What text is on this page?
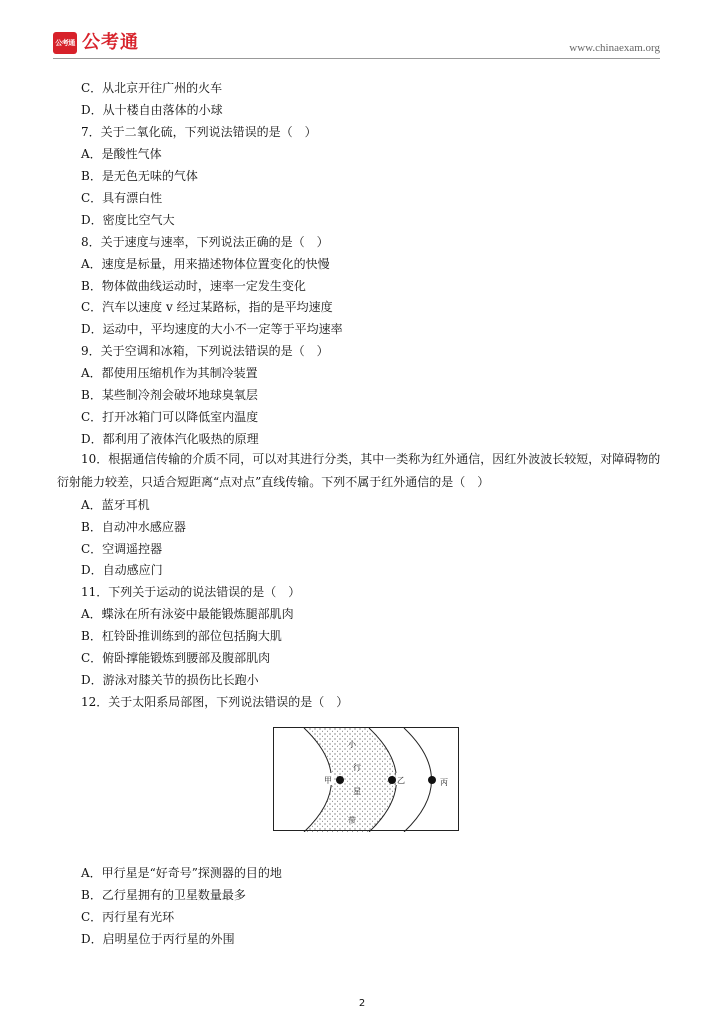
公考通 公考通	www.chinaexam.org
C．从北京开往广州的火车
D．从十楼自由落体的小球
7．关于二氧化硫，下列说法错误的是（　）
A．是酸性气体
B．是无色无味的气体
C．具有漂白性
D．密度比空气大
8．关于速度与速率，下列说法正确的是（　）
A．速度是标量，用来描述物体位置变化的快慢
B．物体做曲线运动时，速率一定发生变化
C．汽车以速度 v 经过某路标，指的是平均速度
D．运动中，平均速度的大小不一定等于平均速率
9．关于空调和冰箱，下列说法错误的是（　）
A．都使用压缩机作为其制冷装置
B．某些制冷剂会破坏地球臭氧层
C．打开冰箱门可以降低室内温度
D．都利用了液体汽化吸热的原理
10．根据通信传输的介质不同，可以对其进行分类，其中一类称为红外通信，因红外波波长较短，对障碍物的衍射能力较差，只适合短距离“点对点”直线传输。下列不属于红外通信的是（　）
A．蓝牙耳机
B．自动冲水感应器
C．空调遥控器
D．自动感应门
11．下列关于运动的说法错误的是（　）
A．蝶泳在所有泳姿中最能锻炼腿部肌肉
B．杠铃卧推训练到的部位包括胸大肌
C．俯卧撑能锻炼到腰部及腹部肌肉
D．游泳对膝关节的损伤比长跑小
12．关于太阳系局部图，下列说法错误的是（　）
甲	乙	丙
小
行
星
带
A．甲行星是“好奇号”探测器的目的地
B．乙行星拥有的卫星数量最多
C．丙行星有光环
D．启明星位于丙行星的外围
2
